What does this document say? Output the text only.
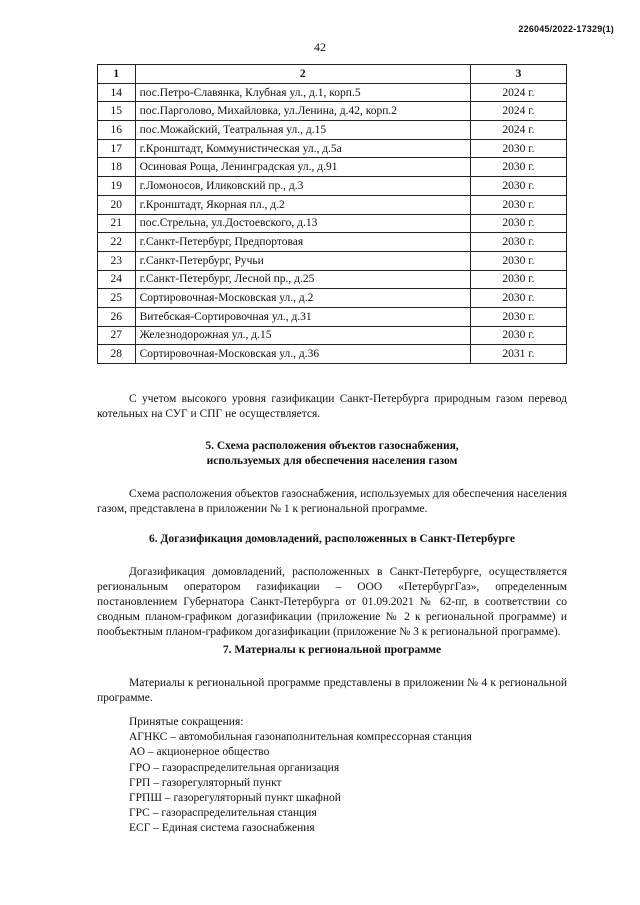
226045/2022-17329(1)
42
1	2	3
14	пос.Петро-Славянка, Клубная ул., д.1, корп.5	2024 г.
15	пос.Парголово, Михайловка, ул.Ленина, д.42, корп.2	2024 г.
16	пос.Можайский, Театральная ул., д.15	2024 г.
17	г.Кронштадт, Коммунистическая ул., д.5а	2030 г.
18	Осиновая Роща, Ленинградская ул., д.91	2030 г.
19	г.Ломоносов, Иликовский пр., д.3	2030 г.
20	г.Кронштадт, Якорная пл., д.2	2030 г.
21	пос.Стрельна, ул.Достоевского, д.13	2030 г.
22	г.Санкт-Петербург, Предпортовая	2030 г.
23	г.Санкт-Петербург, Ручьи	2030 г.
24	г.Санкт-Петербург, Лесной пр., д.25	2030 г.
25	Сортировочная-Московская ул., д.2	2030 г.
26	Витебская-Сортировочная ул., д.31	2030 г.
27	Железнодорожная ул., д.15	2030 г.
28	Сортировочная-Московская ул., д.36	2031 г.
С учетом высокого уровня газификации Санкт-Петербурга природным газом перевод котельных на СУГ и СПГ не осуществляется.

5. Схема расположения объектов газоснабжения,

используемых для обеспечения населения газом

Схема расположения объектов газоснабжения, используемых для обеспечения населения газом, представлена в приложении № 1 к региональной программе.
6. Догазификация домовладений, расположенных в Санкт-Петербурге
Догазификация домовладений, расположенных в Санкт-Петербурге, осуществляется региональным оператором газификации – ООО «ПетербургГаз», определенным постановлением Губернатора Санкт-Петербурга от 01.09.2021 № 62-пг, в соответствии со сводным планом-графиком догазификации (приложение № 2 к региональной программе) и пообъектным планом-графиком догазификации (приложение № 3 к региональной программе).
7. Материалы к региональной программе
Материалы к региональной программе представлены в приложении № 4 к региональной программе.
Принятые сокращения:
АГНКС – автомобильная газонаполнительная компрессорная станция
АО – акционерное общество
ГРО – газораспределительная организация
ГРП – газорегуляторный пункт
ГРПШ – газорегуляторный пункт шкафной
ГРС – газораспределительная станция
ЕСГ – Единая система газоснабжения
